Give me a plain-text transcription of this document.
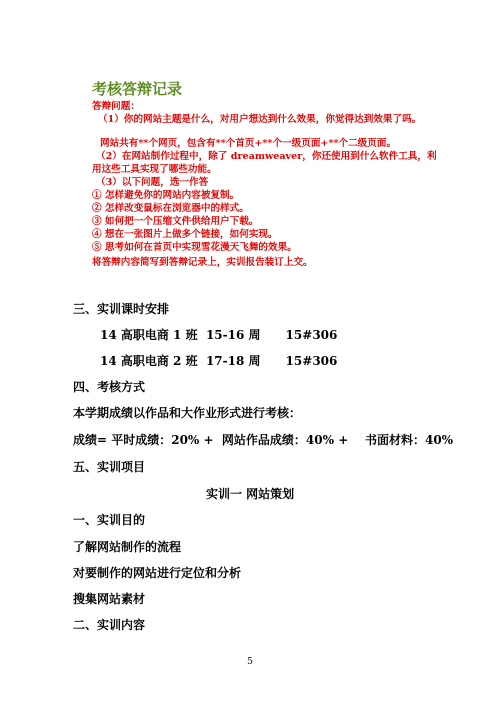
考核答辩记录
答辩问题：
（1）你的网站主题是什么，对用户想达到什么效果，你觉得达到效果了吗。
网站共有**个网页，包含有**个首页+**个一级页面+**个二级页面。
（2）在网站制作过程中，除了 dreamweaver，你还使用到什么软件工具，利
用这些工具实现了哪些功能。
（3）以下问题，选一作答
① 怎样避免你的网站内容被复制。
② 怎样改变鼠标在浏览器中的样式。
③ 如何把一个压缩文件供给用户下载。
④ 想在一张图片上做多个链接，如何实现。
⑤ 思考如何在首页中实现雪花漫天飞舞的效果。
将答辩内容简写到答辩记录上，实训报告装订上交。
三、实训课时安排
14 高职电商 1 班  15-16 周      15#306
14 高职电商 2 班  17-18 周      15#306
四、考核方式
本学期成绩以作品和大作业形式进行考核：
成绩= 平时成绩：20% +  网站作品成绩：40% +    书面材料：40%
五、实训项目
实训一 网站策划
一、实训目的
了解网站制作的流程
对要制作的网站进行定位和分析
搜集网站素材
二、实训内容
5
